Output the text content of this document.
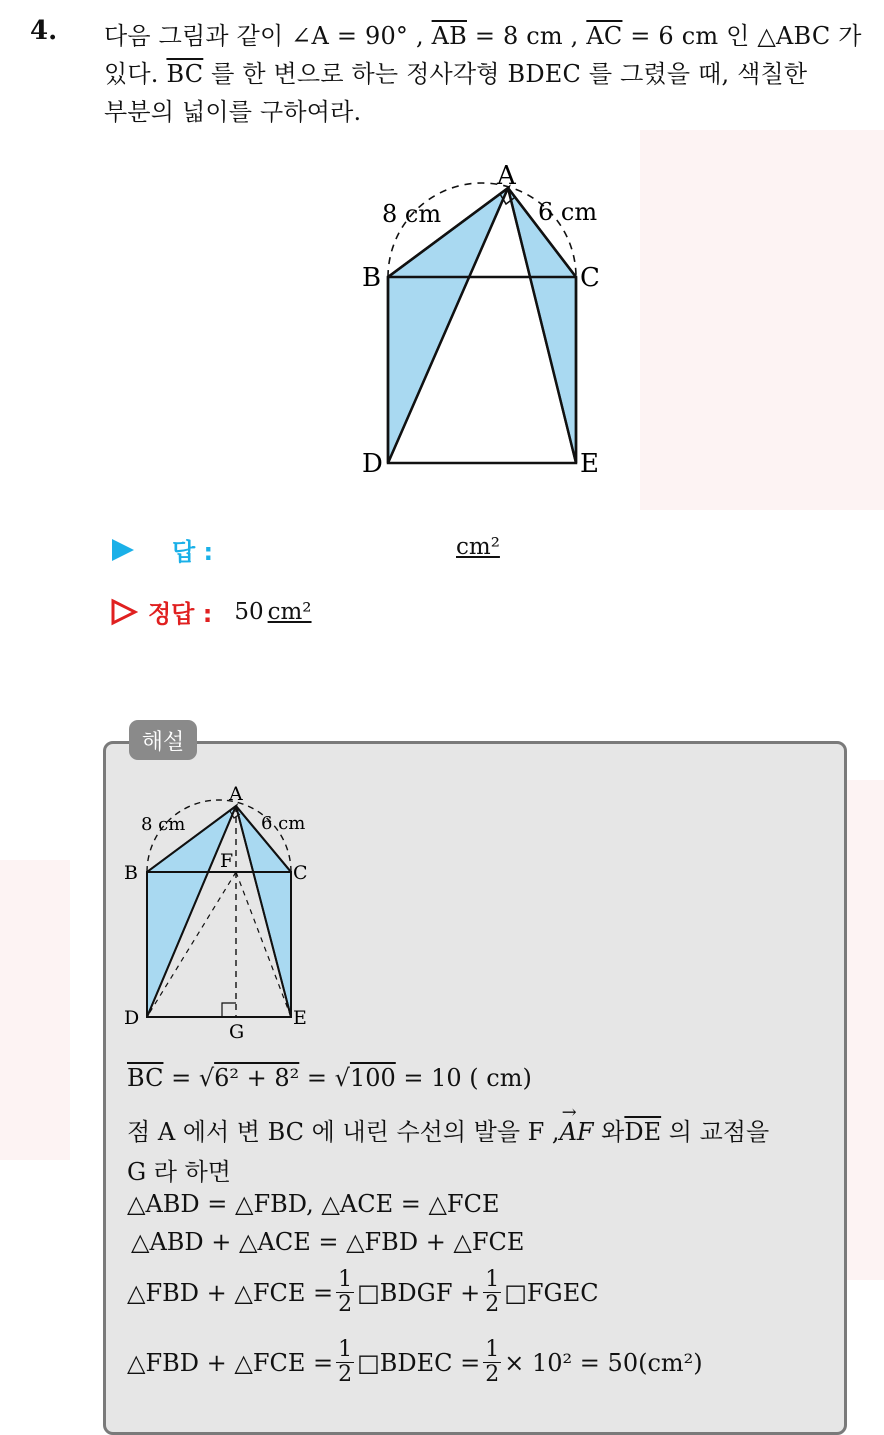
4. 다음 그림과 같이 ∠A = 90° , $\overline{AB} = 8$ cm , $\overline{AC} = 6$ cm 인 △ABC 가
있다. $\overline{BC}$ 를 한 변으로 하는 정사각형 BDEC 를 그렸을 때, 색칠한
부분의 넓이를 구하여라.
A
B	C
D	E
8 cm	6 cm
답 :	cm²
정답 : 50 cm²
해설
A
B	C
D	E
F
G
8 cm	6 cm
$\overline{BC} = √6^2 + 8^2 = √100 = 10$ ( cm)
점 A 에서 변 BC 에 내린 수선의 발을 F ,
→
AF 와$\overline{DE}$ 의 교점을
G 라 하면
△ABD = △FBD, △ACE = △FCE
△ABD + △ACE = △FBD + △FCE
△FBD + △FCE = $\frac{1}{2}$ □BDGF + $\frac{1}{2}$ □FGEC
△FBD + △FCE = $\frac{1}{2}$ □BDEC = $\frac{1}{2} \times 10^2 = 50(cm^2)$
